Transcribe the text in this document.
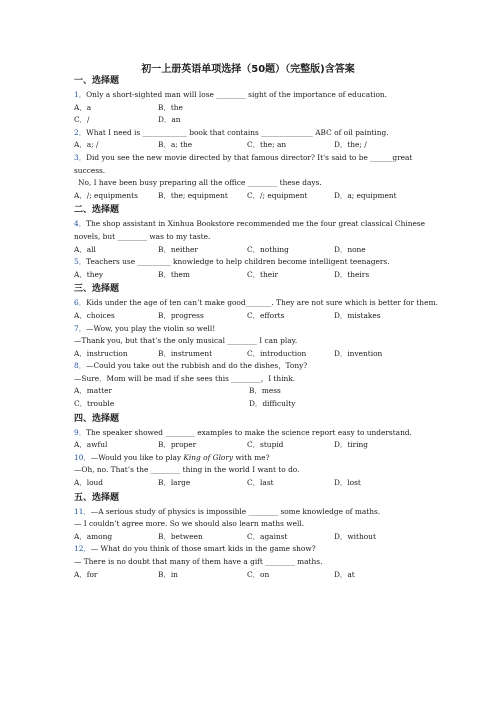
初一上册英语单项选择（50题）（完整版)含答案
一、选择题
1．Only a short-sighted man will lose ________ sight of the importance of education.
A．a	B．the
C．/	D．an
2．What I need is ____________ book that contains ______________ ABC of oil painting.
A．a; /	B．a; the	C．the; an	D．the; /
3．Did you see the new movie directed by that famous director? It's said to be ______great success.
No, I have been busy preparing all the office ________ these days.
A．/; equipments	B．the; equipment	C．/; equipment	D．a; equipment
二、选择题
4．The shop assistant in Xinhua Bookstore recommended me the four great classical Chinese novels, but ________ was to my taste.
A．all	B．neither	C．nothing	D．none
5．Teachers use _________ knowledge to help children become intelligent teenagers.
A．they	B．them	C．their	D．theirs
三、选择题
6．Kids under the age of ten can’t make good_______. They are not sure which is better for them.
A．choices	B．progress	C．efforts	D．mistakes
7．—Wow, you play the violin so well!
—Thank you, but that’s the only musical ________ I can play.
A．instruction	B．instrument	C．introduction	D．invention
8．—Could you take out the rubbish and do the dishes，Tony?
—Sure．Mom will be mad if she sees this ________，I think.
A．matter	B．mess
C．trouble	D．difficulty
四、选择题
9．The speaker showed ________ examples to make the science report easy to understand.
A．awful	B．proper	C．stupid	D．tiring
10．—Would you like to play King of Glory with me?
—Oh, no. That’s the ________ thing in the world I want to do.
A．loud	B．large	C．last	D．lost
五、选择题
11．—A serious study of physics is impossible ________ some knowledge of maths.
— I couldn’t agree more. So we should also learn maths well.
A．among	B．between	C．against	D．without
12．— What do you think of those smart kids in the game show?
— There is no doubt that many of them have a gift ________ maths.
A．for	B．in	C．on	D．at
